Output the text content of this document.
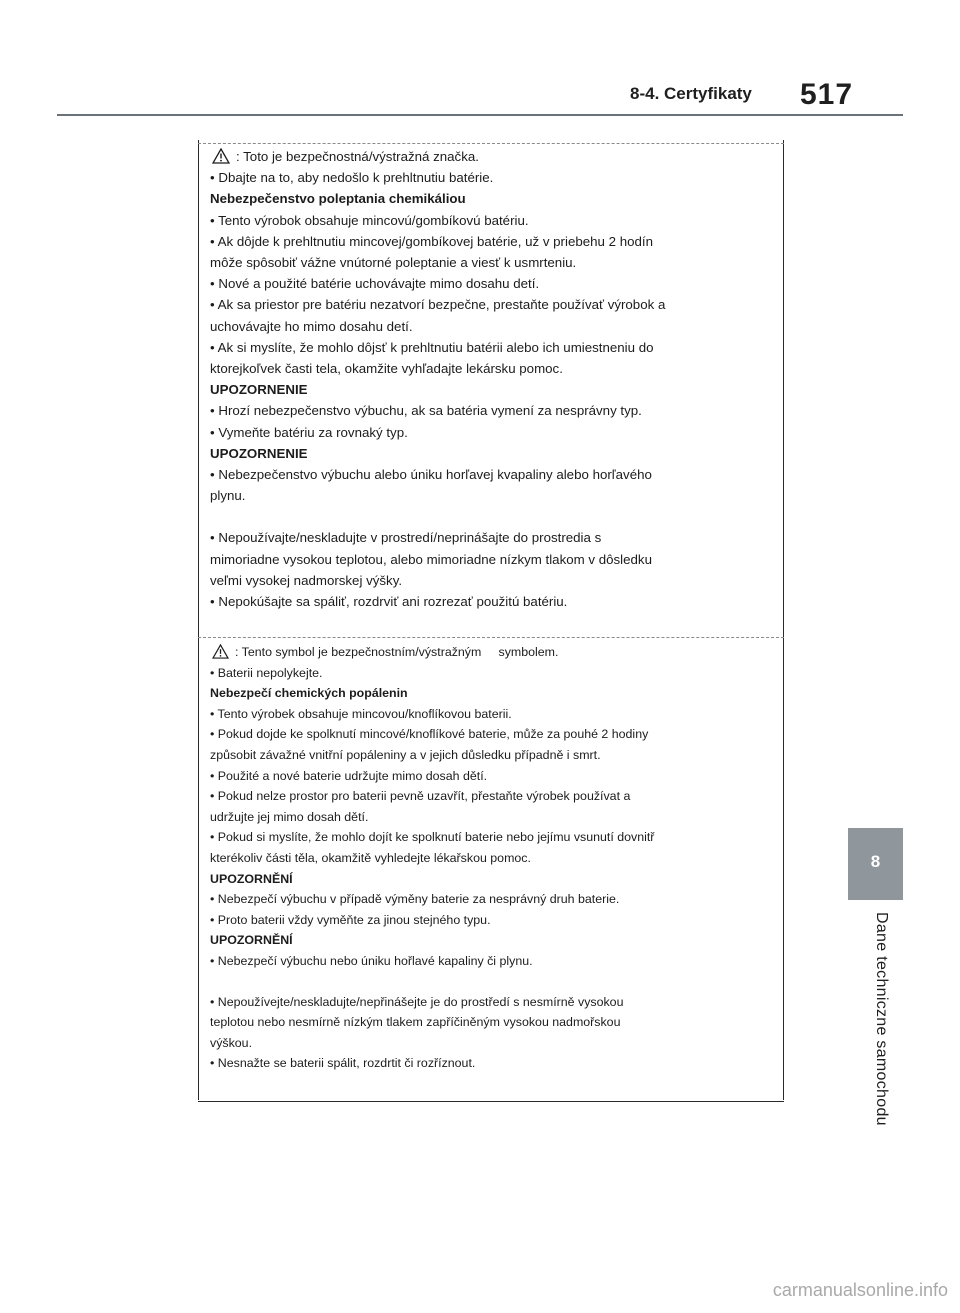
8-4. Certyfikaty 517
8
Dane techniczne samochodu
: Toto je bezpečnostná/výstražná značka.
• Dbajte na to, aby nedošlo k prehltnutiu batérie.
Nebezpečenstvo poleptania chemikáliou
• Tento výrobok obsahuje mincovú/gombíkovú batériu.
• Ak dôjde k prehltnutiu mincovej/gombíkovej batérie, už v priebehu 2 hodín
môže spôsobiť vážne vnútorné poleptanie a viesť k usmrteniu.
• Nové a použité batérie uchovávajte mimo dosahu detí.
• Ak sa priestor pre batériu nezatvorí bezpečne, prestaňte používať výrobok a
uchovávajte ho mimo dosahu detí.
• Ak si myslíte, že mohlo dôjsť k prehltnutiu batérii alebo ich umiestneniu do
ktorejkoľvek časti tela, okamžite vyhľadajte lekársku pomoc.
UPOZORNENIE
• Hrozí nebezpečenstvo výbuchu, ak sa batéria vymení za nesprávny typ.
• Vymeňte batériu za rovnaký typ.
UPOZORNENIE
• Nebezpečenstvo výbuchu alebo úniku horľavej kvapaliny alebo horľavého
plynu.
• Nepoužívajte/neskladujte v prostredí/neprinášajte do prostredia s
mimoriadne vysokou teplotou, alebo mimoriadne nízkym tlakom v dôsledku
veľmi vysokej nadmorskej výšky.
• Nepokúšajte sa spáliť, rozdrviť ani rozrezať použitú batériu.
: Tento symbol je bezpečnostním/výstražným     symbolem.
• Baterii nepolykejte.
Nebezpečí chemických popálenin
• Tento výrobek obsahuje mincovou/knoflíkovou baterii.
• Pokud dojde ke spolknutí mincové/knoflíkové baterie, může za pouhé 2 hodiny
způsobit závažné vnitřní popáleniny a v jejich důsledku případně i smrt.
• Použité a nové baterie udržujte mimo dosah dětí.
• Pokud nelze prostor pro baterii pevně uzavřít, přestaňte výrobek používat a
udržujte jej mimo dosah dětí.
• Pokud si myslíte, že mohlo dojít ke spolknutí baterie nebo jejímu vsunutí dovnitř
kterékoliv části těla, okamžitě vyhledejte lékařskou pomoc.
UPOZORNĚNÍ
• Nebezpečí výbuchu v případě výměny baterie za nesprávný druh baterie.
• Proto baterii vždy vyměňte za jinou stejného typu.
UPOZORNĚNÍ
• Nebezpečí výbuchu nebo úniku hořlavé kapaliny či plynu.
• Nepoužívejte/neskladujte/nepřinášejte je do prostředí s nesmírně vysokou
teplotou nebo nesmírně nízkým tlakem zapříčiněným vysokou nadmořskou
výškou.
• Nesnažte se baterii spálit, rozdrtit či rozříznout.
carmanualsonline.info
